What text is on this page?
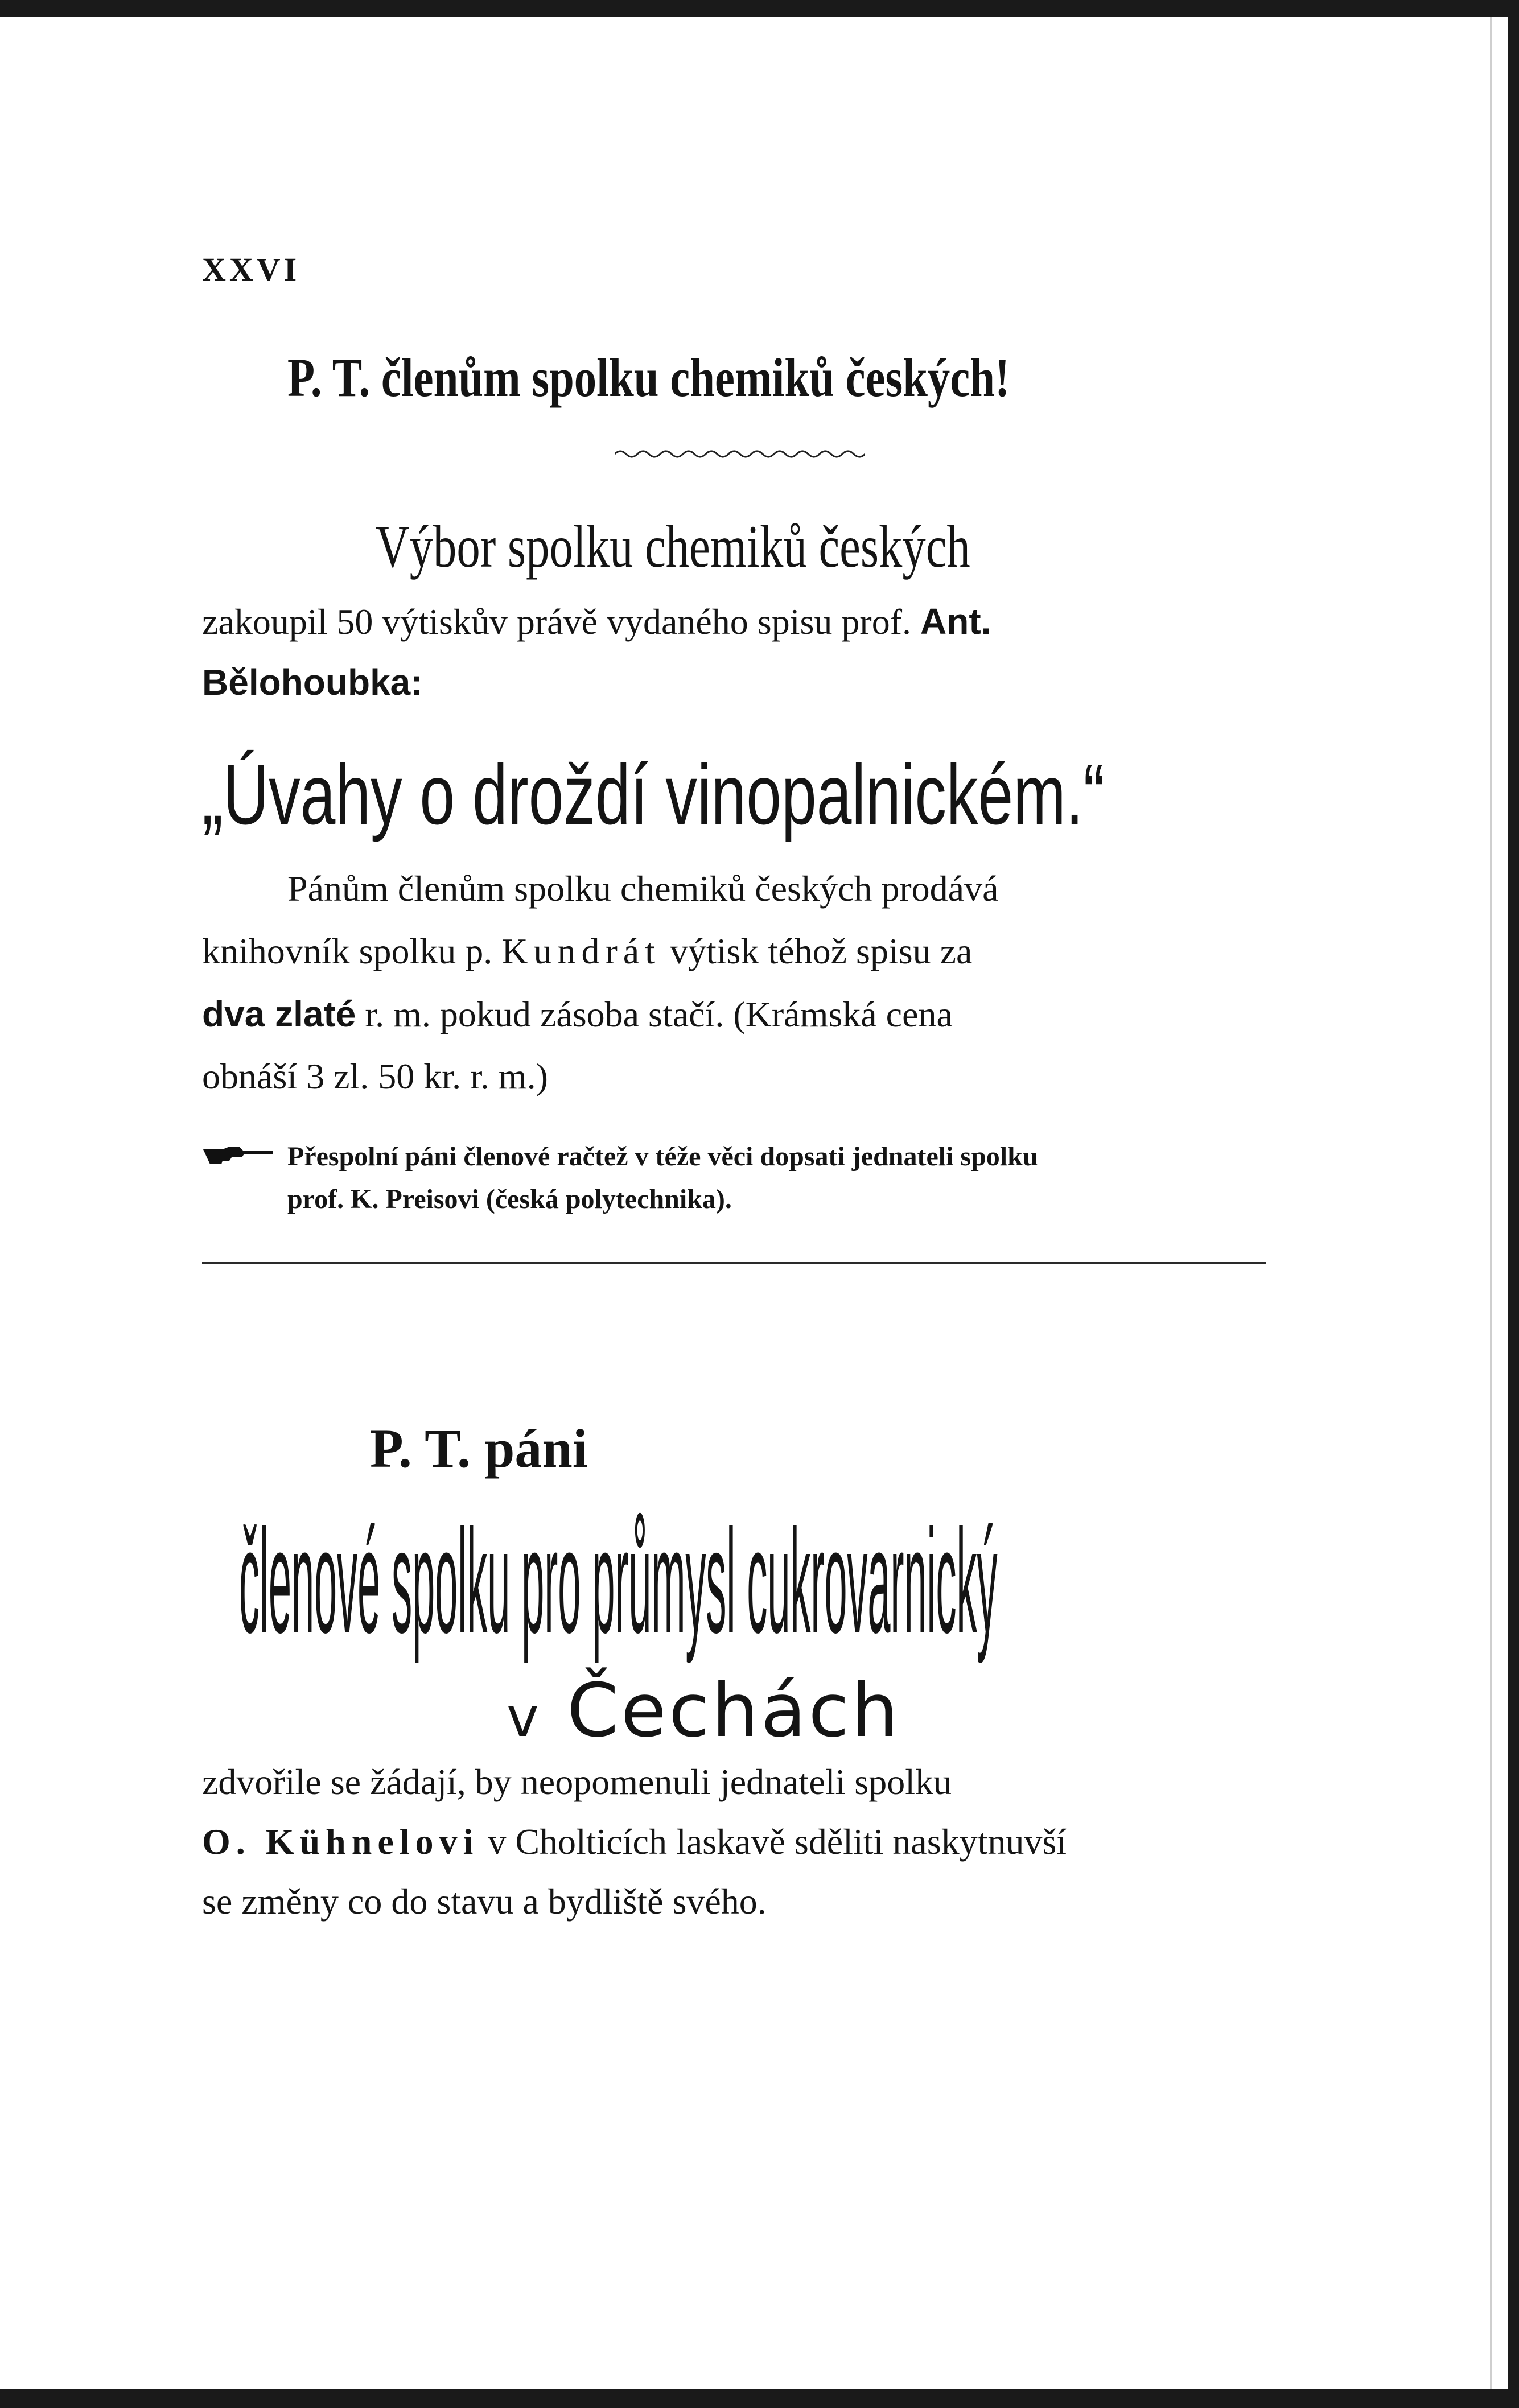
XXVI
P. T. členům spolku chemiků českých!
Výbor spolku chemiků českých
zakoupil 50 výtiskův právě vydaného spisu prof. Ant.
Bělohoubka:
„Úvahy o droždí vinopalnickém.“
Pánům členům spolku chemiků českých prodává
knihovník spolku p. Kundrát výtisk téhož spisu za
dva zlaté r. m. pokud zásoba stačí. (Krámská cena
obnáší 3 zl. 50 kr. r. m.)
Přespolní páni členové račtež v téže věci dopsati jednateli spolku
prof. K. Preisovi (česká polytechnika).
P. T. páni
členové spolku pro průmysl cukrovarnický
v Čechách
zdvořile se žádají, by neopomenuli jednateli spolku
O. Kühnelovi v Cholticích laskavě sděliti naskytnuvší
se změny co do stavu a bydliště svého.
